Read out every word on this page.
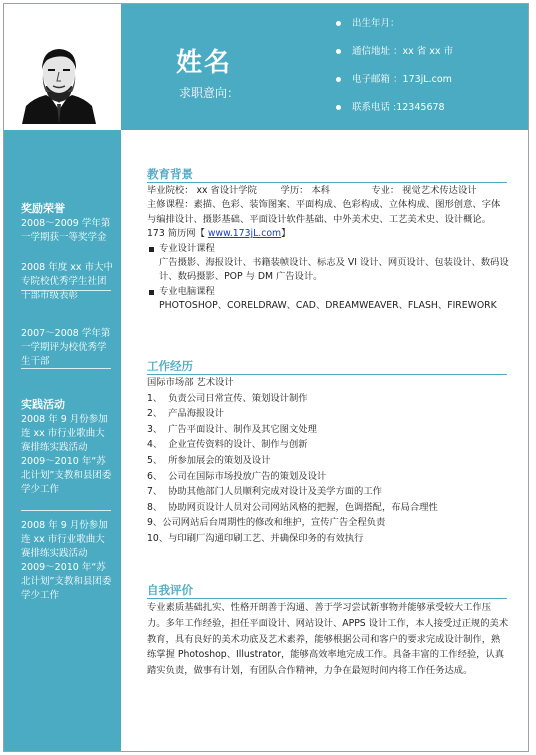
姓名
求职意向：
出生年月：
通信地址 ：xx 省 xx 市
电子邮箱 ：173jL.com
联系电话 :12345678
奖励荣誉

2008～2009 学年第一学期获一等奖学金

2008 年度 xx 市大中专院校优秀学生社团干部市级表彰

2007～2008 学年第一学期评为校优秀学生干部

实践活动

2008 年 9 月份参加连 xx 市行业歌曲大赛排练实践活动

2009～2010 年“苏北计划”支教和县团委学少工作

2008 年 9 月份参加连 xx 市行业歌曲大赛排练实践活动

2009～2010 年“苏北计划”支教和县团委学少工作

教育背景

毕业院校： xx 省设计学院        学历： 本科              专业： 视觉艺术传达设计

主修课程：素描、色彩、装饰图案、平面构成、色彩构成、立体构成、图形创意、字体与编排设计、摄影基础、平面设计软件基础、中外美术史、工艺美术史、设计概论。 173 简历网【 www.173jL.com】

专业设计课程

广告摄影、海报设计、书籍装帧设计、标志及 VI 设计、网页设计、包装设计、数码设计、数码摄影、POP 与 DM 广告设计。

专业电脑课程

PHOTOSHOP、CORELDRAW、CAD、DREAMWEAVER、FLASH、FIREWORK

工作经历

国际市场部 艺术设计

1、  负责公司日常宣传、策划设计制作

2、  产品海报设计

3、  广告平面设计、制作及其它图文处理

4、  企业宣传资料的设计、制作与创新

5、  所参加展会的策划及设计

6、  公司在国际市场投放广告的策划及设计

7、  协助其他部门人员顺利完成对设计及美学方面的工作

8、  协助网页设计人员对公司网站风格的把握，色调搭配，布局合理性

9、公司网站后台周期性的修改和维护，宣传广告全程负责

10、与印刷厂沟通印刷工艺、并确保印务的有效执行

自我评价
专业素质基础扎实、性格开朗善于沟通、善于学习尝试新事物并能够承受较大工作压力。多年工作经验，担任平面设计、网站设计、APPS 设计工作，本人接受过正规的美术教育，具有良好的美术功底及艺术素养，能够根据公司和客户的要求完成设计制作，熟练掌握 Photoshop、Illustrator，能够高效率地完成工作。具备丰富的工作经验，认真踏实负责，做事有计划，有团队合作精神，力争在最短时间内将工作任务达成。
